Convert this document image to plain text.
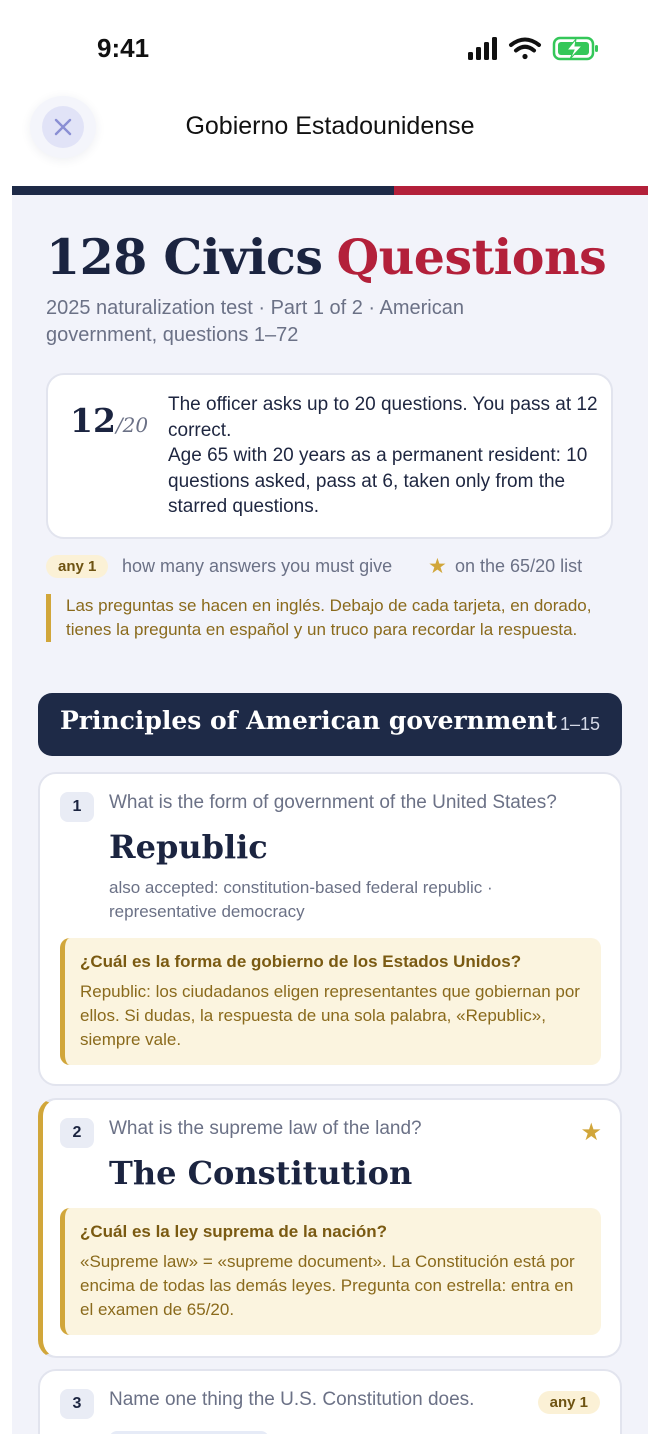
9:41
Gobierno Estadounidense
128 Civics Questions
2025 naturalization test · Part 1 of 2 · American government, questions 1–72
12/20
The officer asks up to 20 questions. You pass at 12 correct.
Age 65 with 20 years as a permanent resident: 10 questions asked, pass at 6, taken only from the starred questions.
any 1	how many answers you must give ★ on the 65/20 list
Las preguntas se hacen en inglés. Debajo de cada tarjeta, en dorado, tienes la pregunta en español y un truco para recordar la respuesta.
Principles of American government 1–15
1	What is the form of government of the United States?
Republic
also accepted: constitution-based federal republic · representative democracy
¿Cuál es la forma de gobierno de los Estados Unidos?
Republic: los ciudadanos eligen representantes que gobiernan por ellos. Si dudas, la respuesta de una sola palabra, «Republic», siempre vale.
2	What is the supreme law of the land?	★
The Constitution
¿Cuál es la ley suprema de la nación?
«Supreme law» = «supreme document». La Constitución está por encima de todas las demás leyes. Pregunta con estrella: entra en el examen de 65/20.
3	Name one thing the U.S. Constitution does.	any 1
